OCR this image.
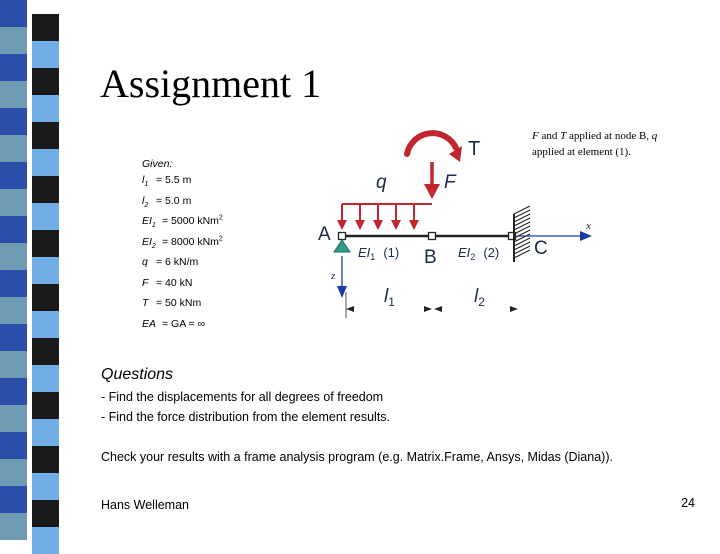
Assignment 1
F and T applied at node B, q applied at element (1).
Given:
$l_1 = 5.5$ m
$l_2 = 5.0$ m
$EI_1 = 5000$ kNm$^2$
$EI_2 = 8000$ kNm$^2$
q = 6 kN/m
F = 40 kN
T = 50 kNm
EA = GA = ∞
T
F
q
A
B	C
x
z
$EI_1$ (1)	$EI_2$ (2)
$l_1$	$l_2$
Questions
- Find the displacements for all degrees of freedom
- Find the force distribution from the element results.
Check your results with a frame analysis program (e.g. Matrix.Frame, Ansys, Midas (Diana)).
Hans Welleman	24
